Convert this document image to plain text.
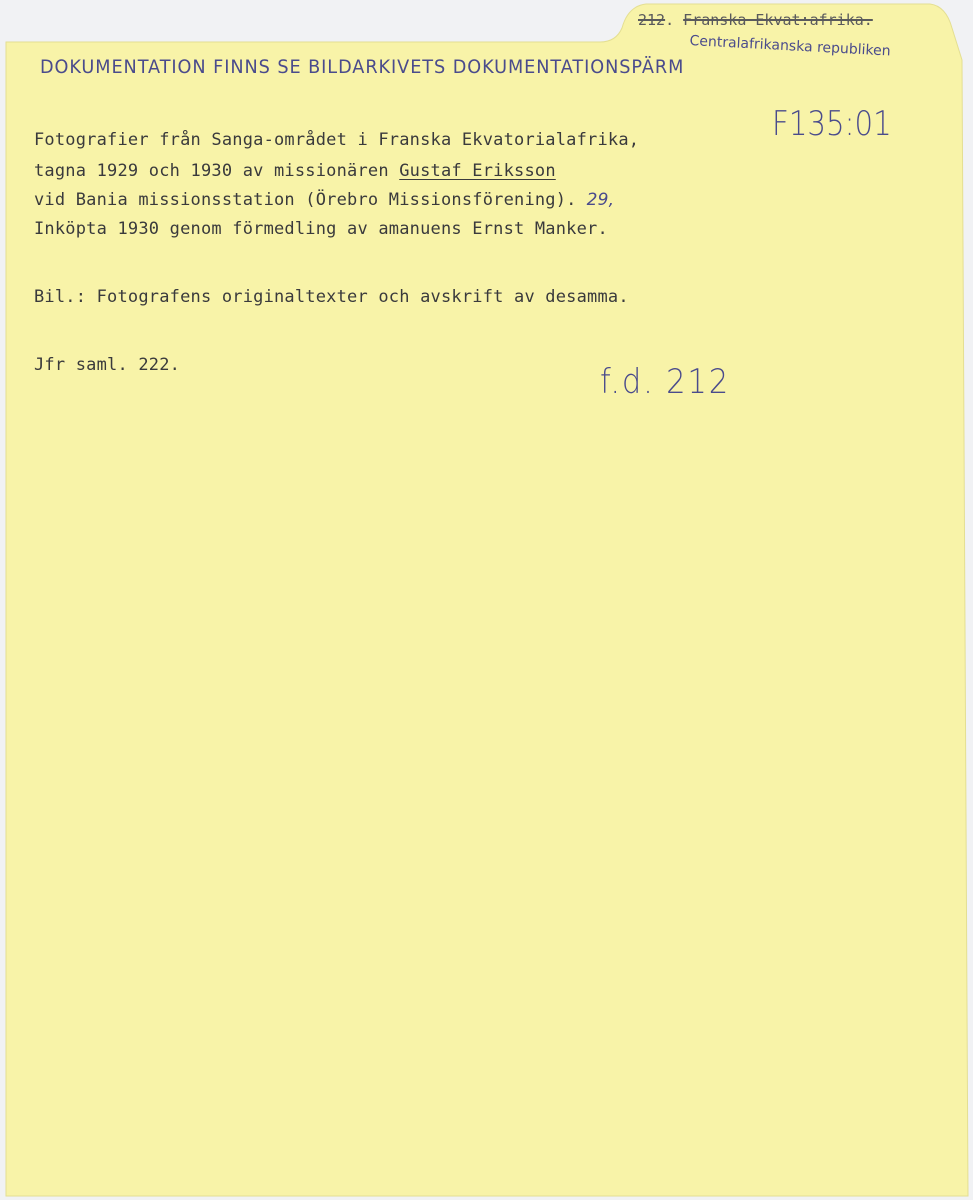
212. Franska Ekvat:afrika.
Centralafrikanska republiken
DOKUMENTATION FINNS SE BILDARKIVETS DOKUMENTATIONSPÄRM
F135:01
Fotografier från Sanga-området i Franska Ekvatorialafrika,
tagna 1929 och 1930 av missionären Gustaf Eriksson
vid Bania missionsstation (Örebro Missionsförening). 29,
Inköpta 1930 genom förmedling av amanuens Ernst Manker.
Bil.: Fotografens originaltexter och avskrift av desamma.
Jfr saml. 222.	f.d. 212
